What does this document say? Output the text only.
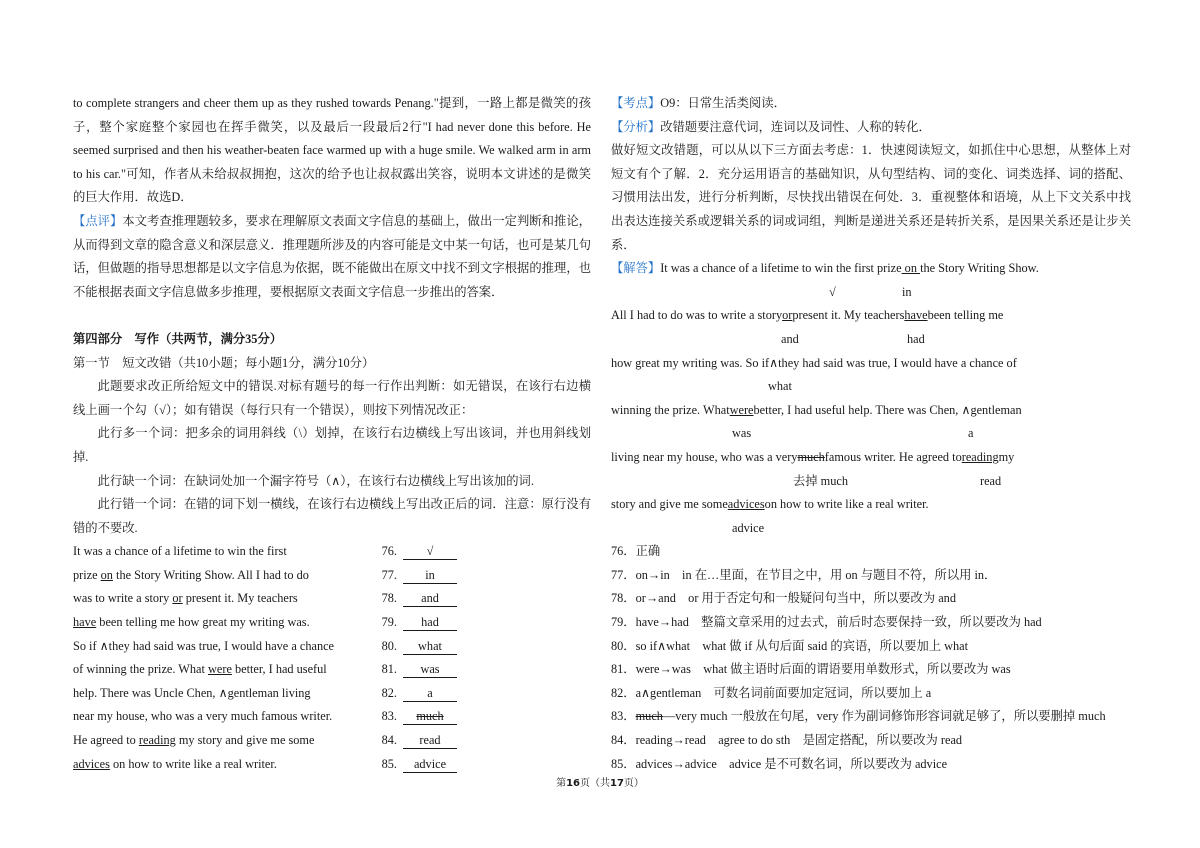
to complete strangers and cheer them up as they rushed towards Penang."提到，一路上都是微笑的孩子，整个家庭整个家园也在挥手微笑，以及最后一段最后2行"I had never done this before. He seemed surprised and then his weather-beaten face warmed up with a huge smile. We walked arm in arm to his car."可知，作者从未给叔叔拥抱，这次的给予也让叔叔露出笑容，说明本文讲述的是微笑的巨大作用．故选D．

【点评】本文考查推理题较多，要求在理解原文表面文字信息的基础上，做出一定判断和推论，从而得到文章的隐含意义和深层意义．推理题所涉及的内容可能是文中某一句话，也可是某几句话，但做题的指导思想都是以文字信息为依据，既不能做出在原文中找不到文字根据的推理，也不能根据表面文字信息做多步推理，要根据原文表面文字信息一步推出的答案．

第四部分　写作（共两节，满分35分）

第一节　短文改错（共10小题；每小题1分，满分10分）

此题要求改正所给短文中的错误.对标有题号的每一行作出判断：如无错误，在该行右边横线上画一个勾（√）；如有错误（每行只有一个错误），则按下列情况改正：

此行多一个词：把多余的词用斜线（\）划掉，在该行右边横线上写出该词，并也用斜线划掉.

此行缺一个词：在缺词处加一个漏字符号（∧），在该行右边横线上写出该加的词.

此行错一个词：在错的词下划一横线，在该行右边横线上写出改正后的词．注意：原行没有错的不要改.

It was a chance of a lifetime to win the first	76.	√
prize on the Story Writing Show. All I had to do	77.	in
was to write a story or present it. My teachers	78.	and
have been telling me how great my writing was.	79.	had
So if ∧they had said was true, I would have a chance	80.	what
of winning the prize. What were better, I had useful	81.	was
help. There was Uncle Chen, ∧gentleman living	82.	a
near my house, who was a very much famous writer.	83.	much
He agreed to reading my story and give me some	84.	read
advices on how to write like a real writer.	85.	advice

【考点】O9：日常生活类阅读．

【分析】改错题要注意代词，连词以及词性、人称的转化．

做好短文改错题，可以从以下三方面去考虑：1．快速阅读短文，如抓住中心思想，从整体上对短文有个了解．2．充分运用语言的基础知识，从句型结构、词的变化、词类选择、词的搭配、习惯用法出发，进行分析判断，尽快找出错误在何处．3．重视整体和语境，从上下文关系中找出表达连接关系或逻辑关系的词或词组，判断是递进关系还是转折关系，是因果关系还是让步关系．

【解答】It was a chance of a lifetime to win the first prize on the Story Writing Show.

√	in
All I had to do was to write a story or present it. My teachers have been telling me
and	had
how great my writing was. So if∧they had said was true, I would have a chance of
what
winning the prize. What were better, I had useful help. There was Chen, ∧gentleman
was	a
living near my house, who was a very much famous writer. He agreed to reading my
去掉 much	read
story and give me some advices on how to write like a real writer.
advice
76．正确
77．on→in　in 在…里面，在节目之中，用 on 与题目不符，所以用 in．
78．or→and　or 用于否定句和一般疑问句当中，所以要改为 and
79．have→had　整篇文章采用的过去式，前后时态要保持一致，所以要改为 had
80．so if∧what　what 做 if 从句后面 said 的宾语，所以要加上 what
81．were→was　what 做主语时后面的谓语要用单数形式，所以要改为 was
82．a∧gentleman　可数名词前面要加定冠词，所以要加上 a
83． much —very much 一般放在句尾，very 作为副词修饰形容词就足够了，所以要删掉 much
84．reading→read　agree to do sth　是固定搭配，所以要改为 read
85．advices→advice　advice 是不可数名词，所以要改为 advice
第16页（共17页）
